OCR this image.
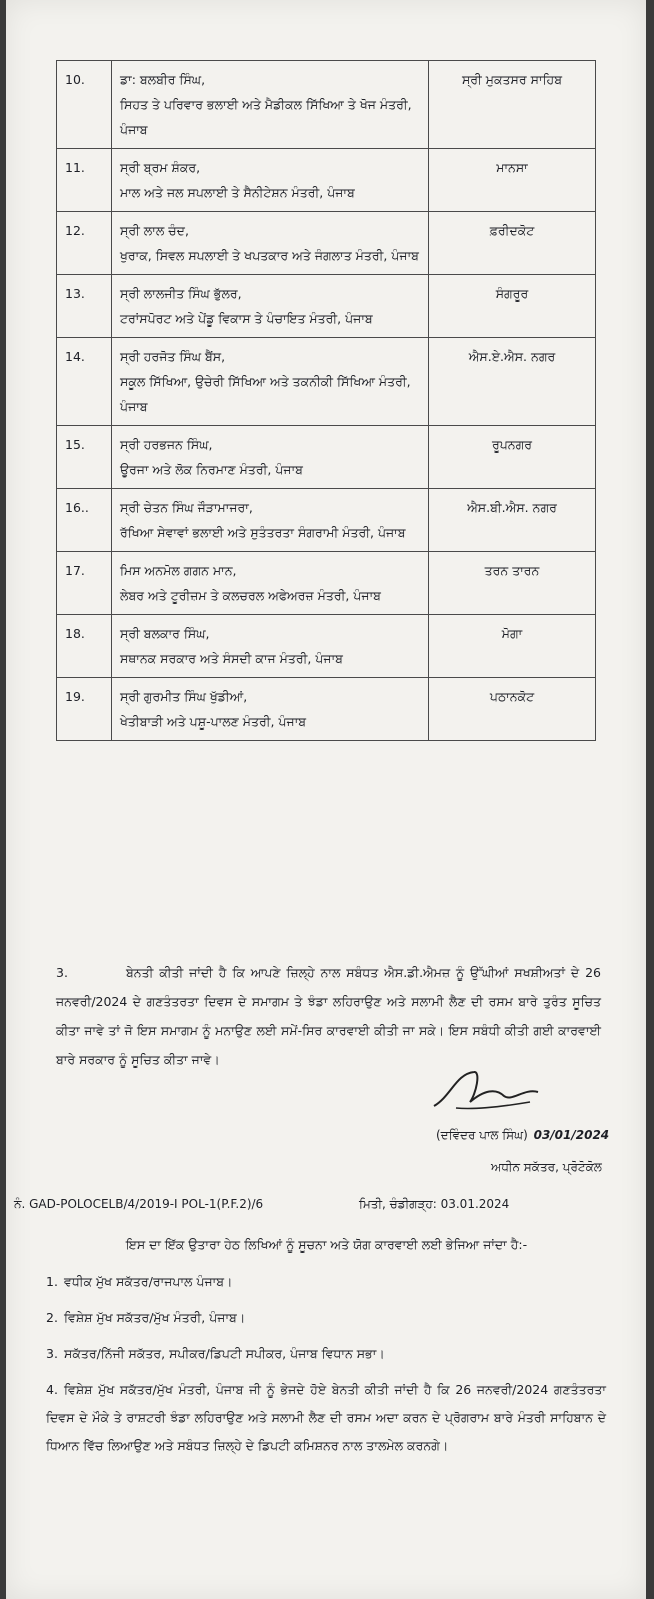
10.	ਡਾ: ਬਲਬੀਰ ਸਿੰਘ,
ਸਿਹਤ ਤੇ ਪਰਿਵਾਰ ਭਲਾਈ ਅਤੇ ਮੈਡੀਕਲ ਸਿੱਖਿਆ ਤੇ ਖੋਜ ਮੰਤਰੀ, ਪੰਜਾਬ	ਸ੍ਰੀ ਮੁਕਤਸਰ ਸਾਹਿਬ
11.	ਸ੍ਰੀ ਬ੍ਰਮ ਸ਼ੰਕਰ,
ਮਾਲ ਅਤੇ ਜਲ ਸਪਲਾਈ ਤੇ ਸੈਨੀਟੇਸ਼ਨ ਮੰਤਰੀ, ਪੰਜਾਬ	ਮਾਨਸਾ
12.	ਸ੍ਰੀ ਲਾਲ ਚੰਦ,
ਖੁਰਾਕ, ਸਿਵਲ ਸਪਲਾਈ ਤੇ ਖਪਤਕਾਰ ਅਤੇ ਜੰਗਲਾਤ ਮੰਤਰੀ, ਪੰਜਾਬ	ਫ਼ਰੀਦਕੋਟ
13.	ਸ੍ਰੀ ਲਾਲਜੀਤ ਸਿੰਘ ਭੁੱਲਰ,
ਟਰਾਂਸਪੋਰਟ ਅਤੇ ਪੇਂਡੂ ਵਿਕਾਸ ਤੇ ਪੰਚਾਇਤ ਮੰਤਰੀ, ਪੰਜਾਬ	ਸੰਗਰੂਰ
14.	ਸ੍ਰੀ ਹਰਜੋਤ ਸਿੰਘ ਬੈਂਸ,
ਸਕੂਲ ਸਿੱਖਿਆ, ਉਚੇਰੀ ਸਿੱਖਿਆ ਅਤੇ ਤਕਨੀਕੀ ਸਿੱਖਿਆ ਮੰਤਰੀ, ਪੰਜਾਬ	ਐਸ.ਏ.ਐਸ. ਨਗਰ
15.	ਸ੍ਰੀ ਹਰਭਜਨ ਸਿੰਘ,
ਊਰਜਾ ਅਤੇ ਲੋਕ ਨਿਰਮਾਣ ਮੰਤਰੀ, ਪੰਜਾਬ	ਰੂਪਨਗਰ
16..	ਸ੍ਰੀ ਚੇਤਨ ਸਿੰਘ ਜੌੜਾਮਾਜਰਾ,
ਰੱਖਿਆ ਸੇਵਾਵਾਂ ਭਲਾਈ ਅਤੇ ਸੁਤੰਤਰਤਾ ਸੰਗਰਾਮੀ ਮੰਤਰੀ, ਪੰਜਾਬ	ਐਸ.ਬੀ.ਐਸ. ਨਗਰ
17.	ਮਿਸ ਅਨਮੋਲ ਗਗਨ ਮਾਨ,
ਲੇਬਰ ਅਤੇ ਟੂਰੀਜ਼ਮ ਤੇ ਕਲਚਰਲ ਅਫੇਅਰਜ਼ ਮੰਤਰੀ, ਪੰਜਾਬ	ਤਰਨ ਤਾਰਨ
18.	ਸ੍ਰੀ ਬਲਕਾਰ ਸਿੰਘ,
ਸਥਾਨਕ ਸਰਕਾਰ ਅਤੇ ਸੰਸਦੀ ਕਾਜ ਮੰਤਰੀ, ਪੰਜਾਬ	ਮੋਗਾ
19.	ਸ੍ਰੀ ਗੁਰਮੀਤ ਸਿੰਘ ਖੁੱਡੀਆਂ,
ਖੇਤੀਬਾੜੀ ਅਤੇ ਪਸ਼ੂ-ਪਾਲਣ ਮੰਤਰੀ, ਪੰਜਾਬ	ਪਠਾਨਕੋਟ
3.	ਬੇਨਤੀ ਕੀਤੀ ਜਾਂਦੀ ਹੈ ਕਿ ਆਪਣੇ ਜ਼ਿਲ੍ਹੇ ਨਾਲ ਸਬੰਧਤ ਐਸ.ਡੀ.ਐਮਜ਼ ਨੂੰ ਉੱਘੀਆਂ ਸਖਸ਼ੀਅਤਾਂ ਦੇ 26 ਜਨਵਰੀ/2024 ਦੇ ਗਣਤੰਤਰਤਾ ਦਿਵਸ ਦੇ ਸਮਾਗਮ ਤੇ ਝੰਡਾ ਲਹਿਰਾਉਣ ਅਤੇ ਸਲਾਮੀ ਲੈਣ ਦੀ ਰਸਮ ਬਾਰੇ ਤੁਰੰਤ ਸੂਚਿਤ ਕੀਤਾ ਜਾਵੇ ਤਾਂ ਜੋ ਇਸ ਸਮਾਗਮ ਨੂੰ ਮਨਾਉਣ ਲਈ ਸਮੇਂ-ਸਿਰ ਕਾਰਵਾਈ ਕੀਤੀ ਜਾ ਸਕੇ। ਇਸ ਸਬੰਧੀ ਕੀਤੀ ਗਈ ਕਾਰਵਾਈ ਬਾਰੇ ਸਰਕਾਰ ਨੂੰ ਸੂਚਿਤ ਕੀਤਾ ਜਾਵੇ।
(ਦਵਿੰਦਰ ਪਾਲ ਸਿੰਘ) 03/01/2024
ਅਧੀਨ ਸਕੱਤਰ, ਪ੍ਰੋਟੋਕੋਲ
ਨੰ. GAD-POLOCELB/4/2019-I POL-1(P.F.2)/6	ਮਿਤੀ, ਚੰਡੀਗੜ੍ਹ: 03.01.2024
ਇਸ ਦਾ ਇੱਕ ਉਤਾਰਾ ਹੇਠ ਲਿਖਿਆਂ ਨੂੰ ਸੂਚਨਾ ਅਤੇ ਯੋਗ ਕਾਰਵਾਈ ਲਈ ਭੇਜਿਆ ਜਾਂਦਾ ਹੈ:-
1. ਵਧੀਕ ਮੁੱਖ ਸਕੱਤਰ/ਰਾਜਪਾਲ ਪੰਜਾਬ।
2. ਵਿਸ਼ੇਸ਼ ਮੁੱਖ ਸਕੱਤਰ/ਮੁੱਖ ਮੰਤਰੀ, ਪੰਜਾਬ।
3. ਸਕੱਤਰ/ਨਿੱਜੀ ਸਕੱਤਰ, ਸਪੀਕਰ/ਡਿਪਟੀ ਸਪੀਕਰ, ਪੰਜਾਬ ਵਿਧਾਨ ਸਭਾ।
4. ਵਿਸ਼ੇਸ਼ ਮੁੱਖ ਸਕੱਤਰ/ਮੁੱਖ ਮੰਤਰੀ, ਪੰਜਾਬ ਜੀ ਨੂੰ ਭੇਜਦੇ ਹੋਏ ਬੇਨਤੀ ਕੀਤੀ ਜਾਂਦੀ ਹੈ ਕਿ 26 ਜਨਵਰੀ/2024 ਗਣਤੰਤਰਤਾ ਦਿਵਸ ਦੇ ਮੌਕੇ ਤੇ ਰਾਸ਼ਟਰੀ ਝੰਡਾ ਲਹਿਰਾਉਣ ਅਤੇ ਸਲਾਮੀ ਲੈਣ ਦੀ ਰਸਮ ਅਦਾ ਕਰਨ ਦੇ ਪ੍ਰੋਗਰਾਮ ਬਾਰੇ ਮੰਤਰੀ ਸਾਹਿਬਾਨ ਦੇ ਧਿਆਨ ਵਿੱਚ ਲਿਆਉਣ ਅਤੇ ਸਬੰਧਤ ਜ਼ਿਲ੍ਹੇ ਦੇ ਡਿਪਟੀ ਕਮਿਸ਼ਨਰ ਨਾਲ ਤਾਲਮੇਲ ਕਰਨਗੇ।
